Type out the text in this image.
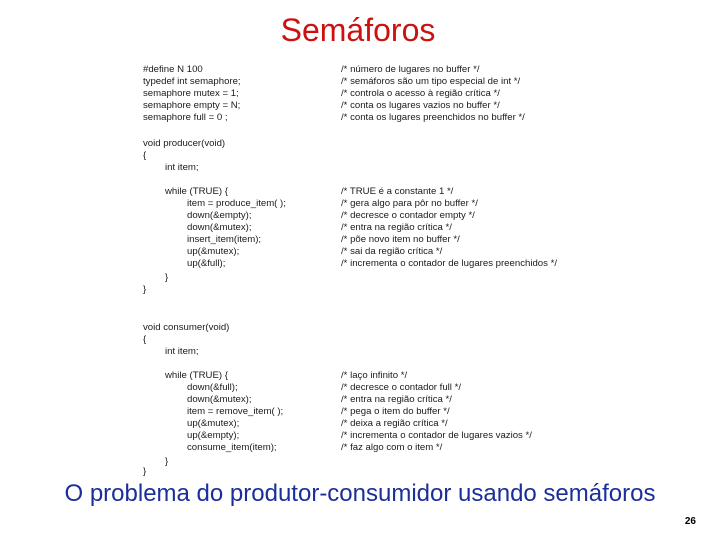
Semáforos
#define N 100	/* número de lugares no buffer */
typedef int semaphore;	/* semáforos são um tipo especial de int */
semaphore mutex = 1;	/* controla o acesso à região crítica */
semaphore empty = N;	/* conta os lugares vazios no buffer */
semaphore full = 0 ;	/* conta os lugares preenchidos no buffer */
void producer(void)
{
int item;
while (TRUE) {	/* TRUE é a constante 1 */
item = produce_item( );	/* gera algo para pôr no buffer */
down(&empty);	/* decresce o contador empty */
down(&mutex);	/* entra na região crítica */
insert_item(item);	/* põe novo item no buffer */
up(&mutex);	/* sai da região crítica */
up(&full);	/* incrementa o contador de lugares preenchidos */
}
}
void consumer(void)
{
int item;
while (TRUE) {	/* laço infinito */
down(&full);	/* decresce o contador full */
down(&mutex);	/* entra na região crítica */
item = remove_item( );	/* pega o item do buffer */
up(&mutex);	/* deixa a região crítica */
up(&empty);	/* incrementa o contador de lugares vazios */
consume_item(item);	/* faz algo com o item */
}
}
O problema do produtor-consumidor usando semáforos
26
